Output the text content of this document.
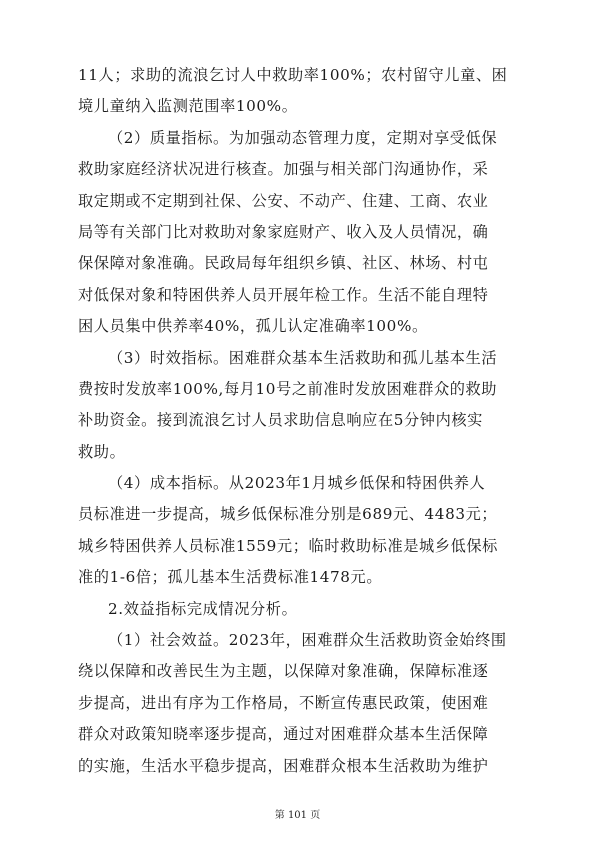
11人；求助的流浪乞讨人中救助率100%；农村留守儿童、困
境儿童纳入监测范围率100%。
（2）质量指标。为加强动态管理力度，定期对享受低保
救助家庭经济状况进行核查。加强与相关部门沟通协作，采
取定期或不定期到社保、公安、不动产、住建、工商、农业
局等有关部门比对救助对象家庭财产、收入及人员情况，确
保保障对象准确。民政局每年组织乡镇、社区、林场、村屯
对低保对象和特困供养人员开展年检工作。生活不能自理特
困人员集中供养率40%，孤儿认定准确率100%。
（3）时效指标。困难群众基本生活救助和孤儿基本生活
费按时发放率100%,每月10号之前准时发放困难群众的救助
补助资金。接到流浪乞讨人员求助信息响应在5分钟内核实
救助。
（4）成本指标。从2023年1月城乡低保和特困供养人
员标准进一步提高，城乡低保标准分别是689元、4483元；
城乡特困供养人员标准1559元；临时救助标准是城乡低保标
准的1-6倍；孤儿基本生活费标准1478元。
2.效益指标完成情况分析。
（1）社会效益。2023年，困难群众生活救助资金始终围
绕以保障和改善民生为主题，以保障对象准确，保障标准逐
步提高，进出有序为工作格局，不断宣传惠民政策，使困难
群众对政策知晓率逐步提高，通过对困难群众基本生活保障
的实施，生活水平稳步提高，困难群众根本生活救助为维护
第 101 页
